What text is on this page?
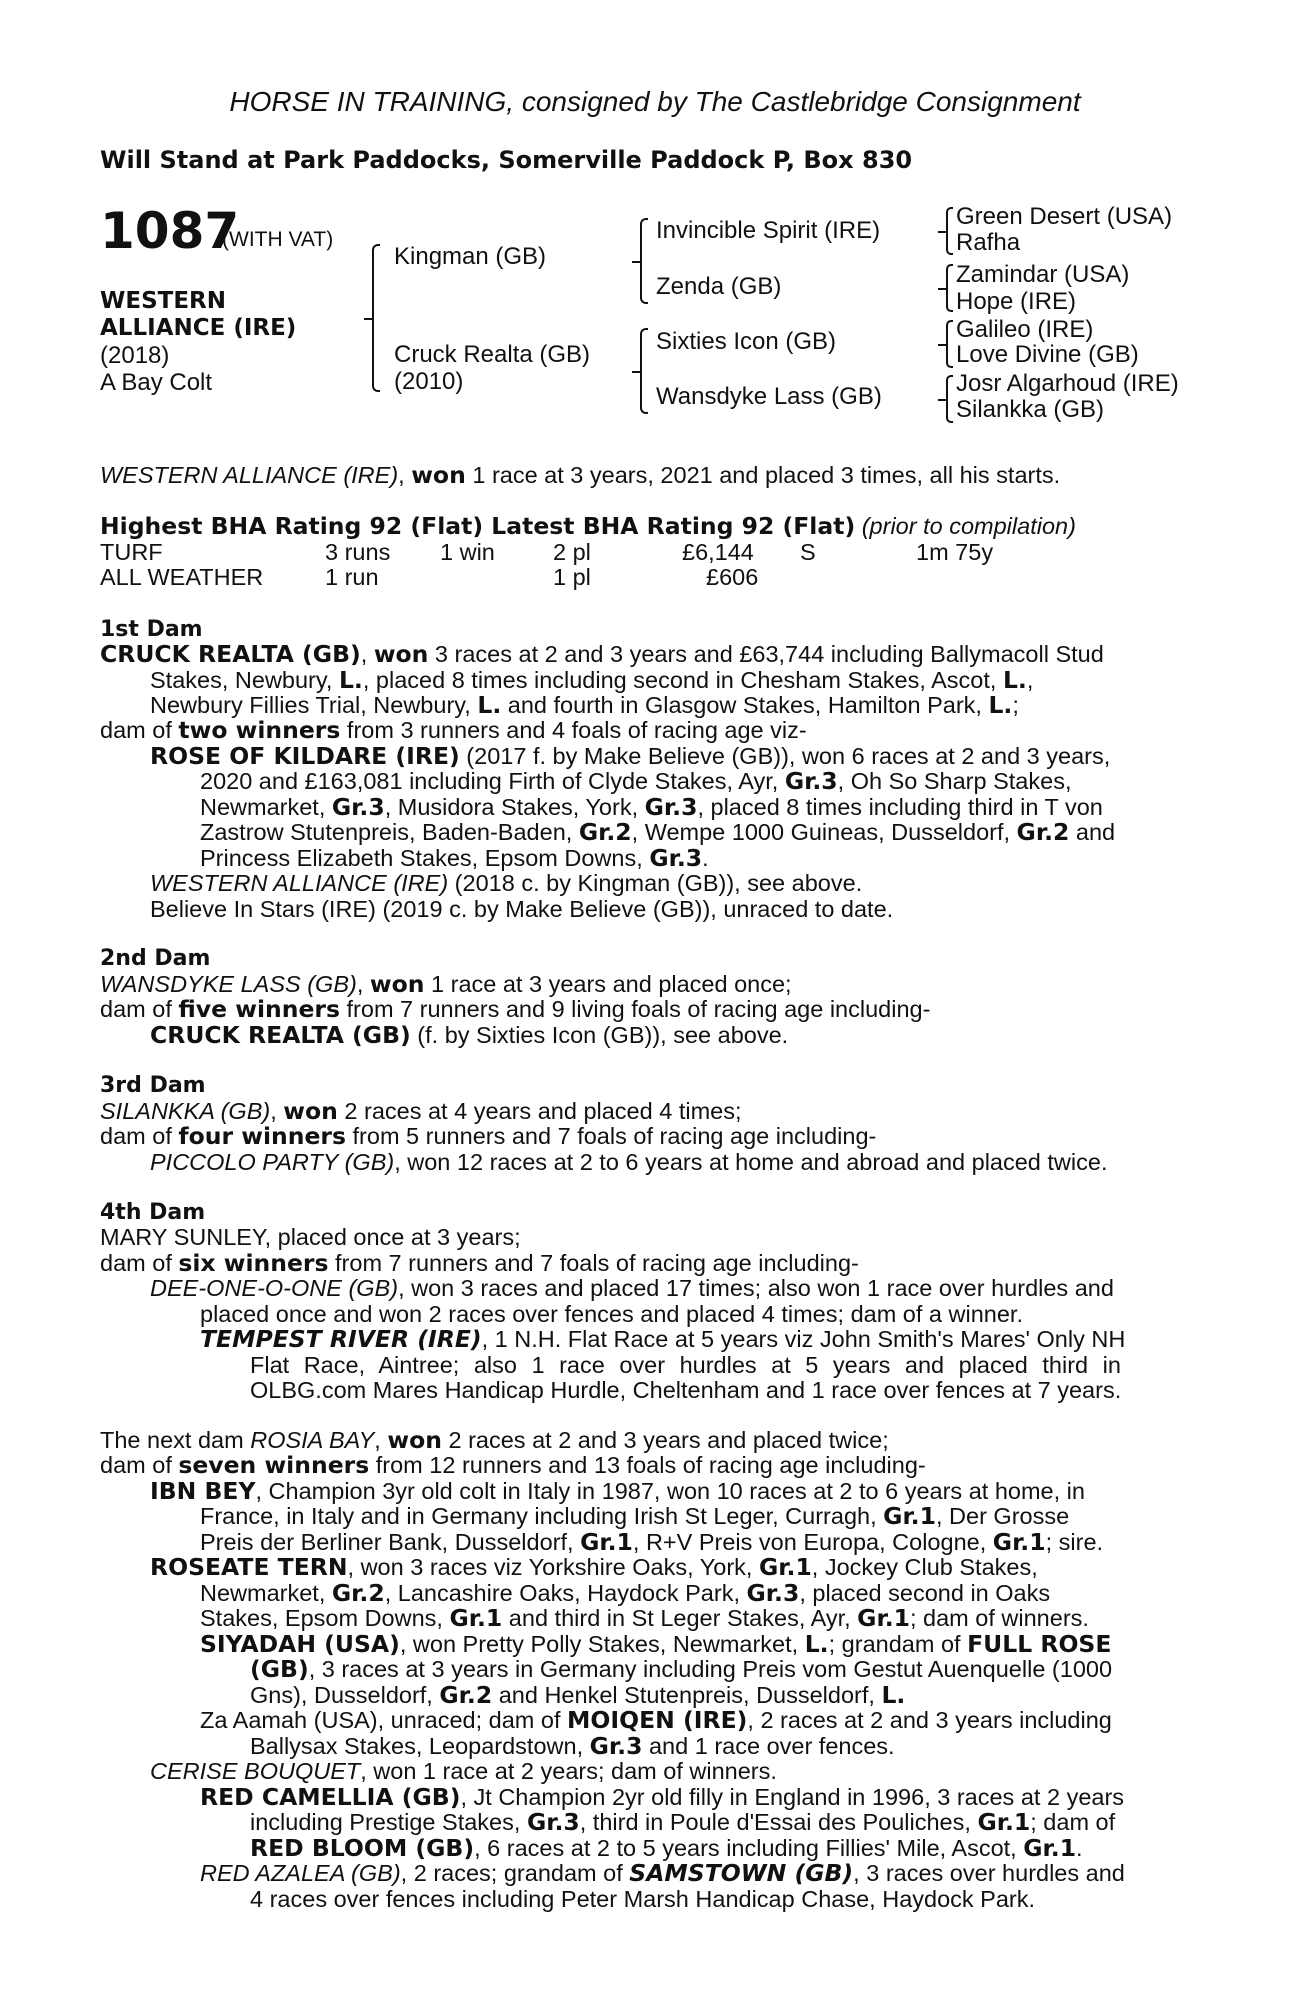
HORSE IN TRAINING, consigned by The Castlebridge Consignment
Will Stand at Park Paddocks, Somerville Paddock P, Box 830
1087
(WITH VAT)
WESTERN
ALLIANCE (IRE)
(2018)
A Bay Colt
Kingman (GB)
Cruck Realta (GB)
(2010)
Invincible Spirit (IRE)
Zenda (GB)
Sixties Icon (GB)
Wansdyke Lass (GB)
Green Desert (USA)
Rafha
Zamindar (USA)
Hope (IRE)
Galileo (IRE)
Love Divine (GB)
Josr Algarhoud (IRE)
Silankka (GB)
WESTERN ALLIANCE (IRE), won 1 race at 3 years, 2021 and placed 3 times, all his starts.
Highest BHA Rating 92 (Flat) Latest BHA Rating 92 (Flat) (prior to compilation)
TURF	3 runs 1 win 2 pl	£6,144 S	1m 75y
ALL WEATHER	1 run	1 pl	£606
1st Dam
CRUCK REALTA (GB), won 3 races at 2 and 3 years and £63,744 including Ballymacoll Stud
Stakes, Newbury, L., placed 8 times including second in Chesham Stakes, Ascot, L.,
Newbury Fillies Trial, Newbury, L. and fourth in Glasgow Stakes, Hamilton Park, L.;
dam of two winners from 3 runners and 4 foals of racing age viz-
ROSE OF KILDARE (IRE) (2017 f. by Make Believe (GB)), won 6 races at 2 and 3 years,
2020 and £163,081 including Firth of Clyde Stakes, Ayr, Gr.3, Oh So Sharp Stakes,
Newmarket, Gr.3, Musidora Stakes, York, Gr.3, placed 8 times including third in T von
Zastrow Stutenpreis, Baden-Baden, Gr.2, Wempe 1000 Guineas, Dusseldorf, Gr.2 and
Princess Elizabeth Stakes, Epsom Downs, Gr.3.
WESTERN ALLIANCE (IRE) (2018 c. by Kingman (GB)), see above.
Believe In Stars (IRE) (2019 c. by Make Believe (GB)), unraced to date.
2nd Dam
WANSDYKE LASS (GB), won 1 race at 3 years and placed once;
dam of five winners from 7 runners and 9 living foals of racing age including-
CRUCK REALTA (GB) (f. by Sixties Icon (GB)), see above.
3rd Dam
SILANKKA (GB), won 2 races at 4 years and placed 4 times;
dam of four winners from 5 runners and 7 foals of racing age including-
PICCOLO PARTY (GB), won 12 races at 2 to 6 years at home and abroad and placed twice.
4th Dam
MARY SUNLEY, placed once at 3 years;
dam of six winners from 7 runners and 7 foals of racing age including-
DEE-ONE-O-ONE (GB), won 3 races and placed 17 times; also won 1 race over hurdles and
placed once and won 2 races over fences and placed 4 times; dam of a winner.
TEMPEST RIVER (IRE), 1 N.H. Flat Race at 5 years viz John Smith's Mares' Only NH
Flat Race, Aintree; also 1 race over hurdles at 5 years and placed third in
OLBG.com Mares Handicap Hurdle, Cheltenham and 1 race over fences at 7 years.
The next dam ROSIA BAY, won 2 races at 2 and 3 years and placed twice;
dam of seven winners from 12 runners and 13 foals of racing age including-
IBN BEY, Champion 3yr old colt in Italy in 1987, won 10 races at 2 to 6 years at home, in
France, in Italy and in Germany including Irish St Leger, Curragh, Gr.1, Der Grosse
Preis der Berliner Bank, Dusseldorf, Gr.1, R+V Preis von Europa, Cologne, Gr.1; sire.
ROSEATE TERN, won 3 races viz Yorkshire Oaks, York, Gr.1, Jockey Club Stakes,
Newmarket, Gr.2, Lancashire Oaks, Haydock Park, Gr.3, placed second in Oaks
Stakes, Epsom Downs, Gr.1 and third in St Leger Stakes, Ayr, Gr.1; dam of winners.
SIYADAH (USA), won Pretty Polly Stakes, Newmarket, L.; grandam of FULL ROSE
(GB), 3 races at 3 years in Germany including Preis vom Gestut Auenquelle (1000
Gns), Dusseldorf, Gr.2 and Henkel Stutenpreis, Dusseldorf, L.
Za Aamah (USA), unraced; dam of MOIQEN (IRE), 2 races at 2 and 3 years including
Ballysax Stakes, Leopardstown, Gr.3 and 1 race over fences.
CERISE BOUQUET, won 1 race at 2 years; dam of winners.
RED CAMELLIA (GB), Jt Champion 2yr old filly in England in 1996, 3 races at 2 years
including Prestige Stakes, Gr.3, third in Poule d'Essai des Pouliches, Gr.1; dam of
RED BLOOM (GB), 6 races at 2 to 5 years including Fillies' Mile, Ascot, Gr.1.
RED AZALEA (GB), 2 races; grandam of SAMSTOWN (GB), 3 races over hurdles and
4 races over fences including Peter Marsh Handicap Chase, Haydock Park.
